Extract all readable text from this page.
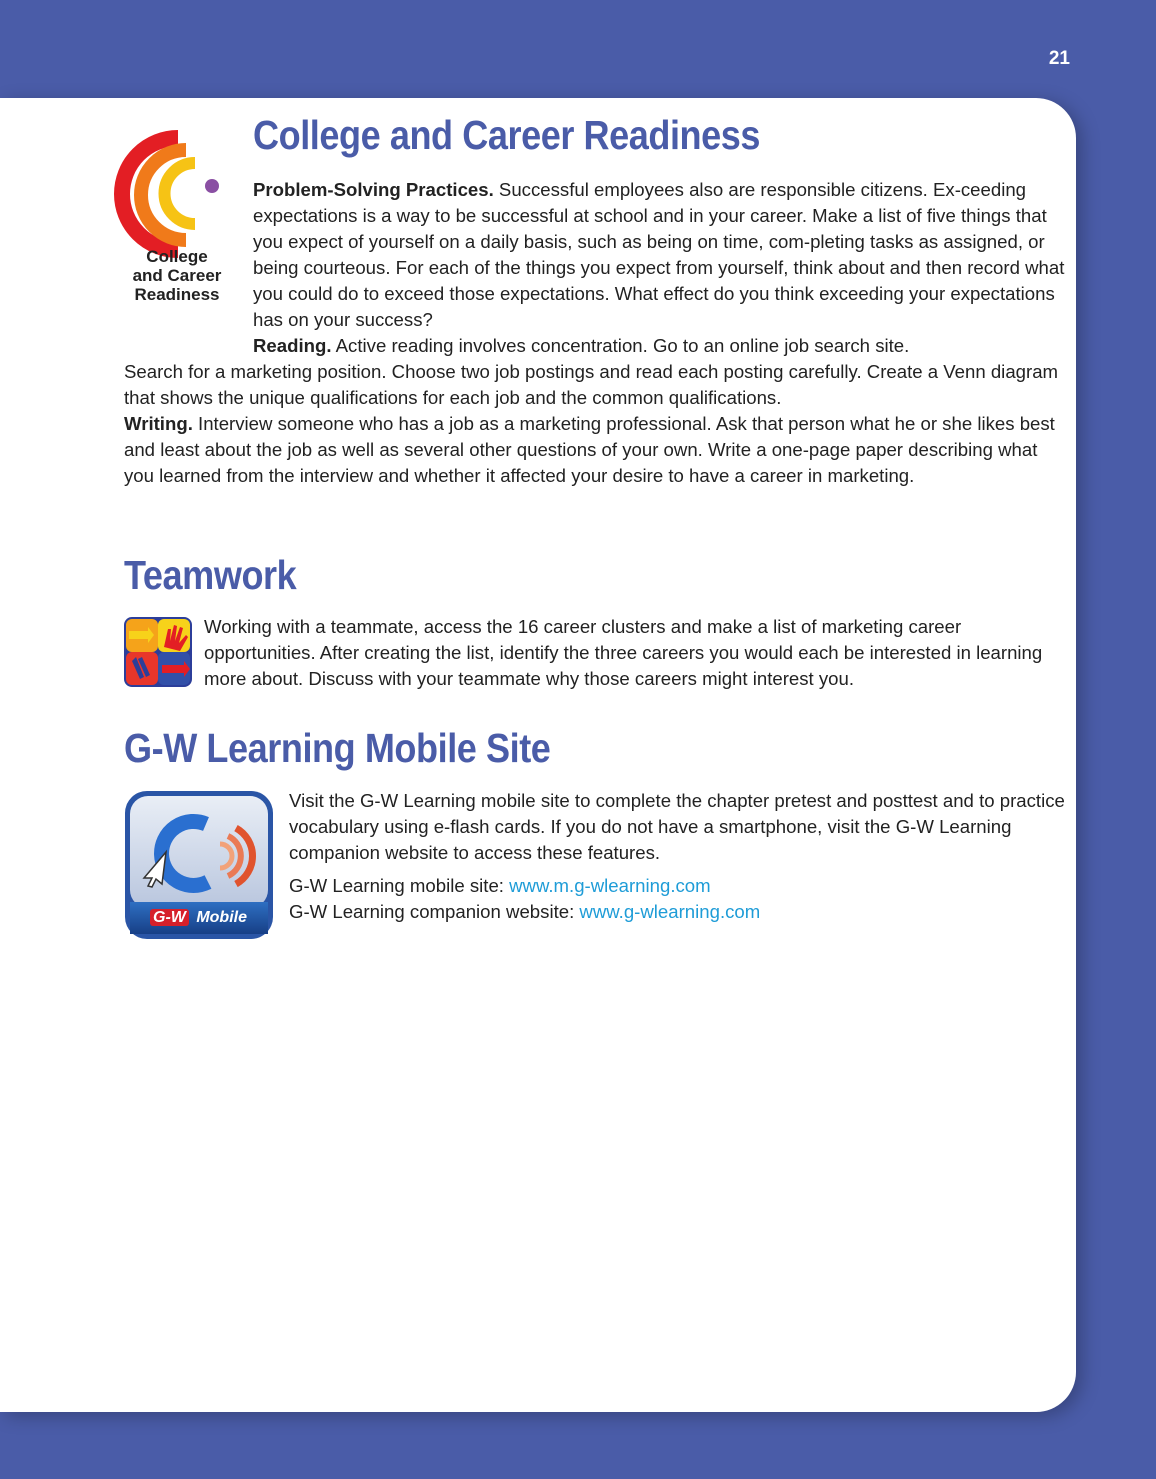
21
College
and Career
Readiness
College and Career Readiness

Problem-Solving Practices. Successful employees also are responsible citizens. Ex-ceeding expectations is a way to be successful at school and in your career. Make a list of five things that you expect of yourself on a daily basis, such as being on time, com-pleting tasks as assigned, or being courteous. For each of the things you expect from yourself, think about and then record what you could do to exceed those expectations. What effect do you think exceeding your expectations has on your success?
Reading. Active reading involves concentration. Go to an online job search site.

Search for a marketing position. Choose two job postings and read each posting carefully. Create a Venn diagram that shows the unique qualifications for each job and the common qualifications.
Writing. Interview someone who has a job as a marketing professional. Ask that person what he or she likes best and least about the job as well as several other questions of your own. Write a one-page paper describing what you learned from the interview and whether it affected your desire to have a career in marketing.

Teamwork

Working with a teammate, access the 16 career clusters and make a list of marketing career opportunities. After creating the list, identify the three careers you would each be interested in learning more about. Discuss with your teammate why those careers might interest you.

G-W Learning Mobile Site
G-W Mobile

Visit the G-W Learning mobile site to complete the chapter pretest and posttest and to practice vocabulary using e-flash cards. If you do not have a smartphone, visit the G-W Learning companion website to access these features.

G-W Learning mobile site: www.m.g-wlearning.com
G-W Learning companion website: www.g-wlearning.com
